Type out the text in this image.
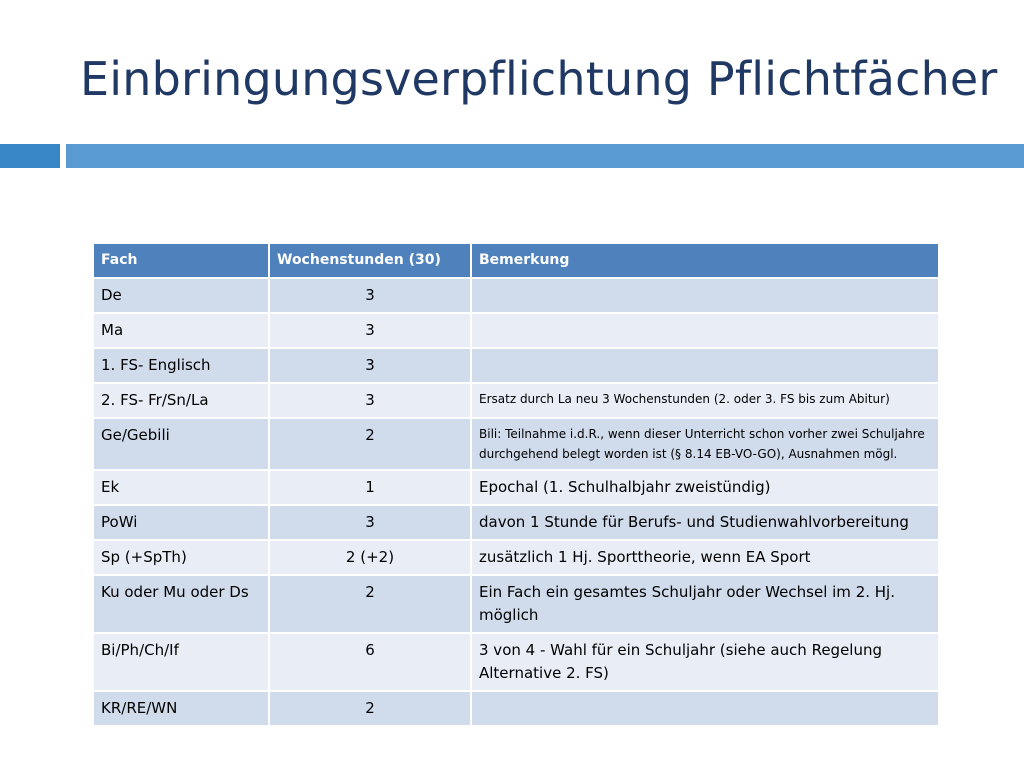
Einbringungsverpflichtung Pflichtfächer
Fach	Wochenstunden (30)	Bemerkung
De	3	
Ma	3	
1. FS- Englisch	3	
2. FS- Fr/Sn/La	3	Ersatz durch La neu 3 Wochenstunden (2. oder 3. FS bis zum Abitur)
Ge/Gebili	2	Bili: Teilnahme i.d.R., wenn dieser Unterricht schon vorher zwei Schuljahre durchgehend belegt worden ist (§ 8.14 EB-VO-GO), Ausnahmen mögl.
Ek	1	Epochal (1. Schulhalbjahr zweistündig)
PoWi	3	davon 1 Stunde für Berufs- und Studienwahlvorbereitung
Sp (+SpTh)	2 (+2)	zusätzlich 1 Hj. Sporttheorie, wenn EA Sport
Ku oder Mu oder Ds	2	Ein Fach ein gesamtes Schuljahr oder Wechsel im 2. Hj. möglich
Bi/Ph/Ch/If	6	3 von 4 - Wahl für ein Schuljahr (siehe auch Regelung Alternative 2. FS)
KR/RE/WN	2	
